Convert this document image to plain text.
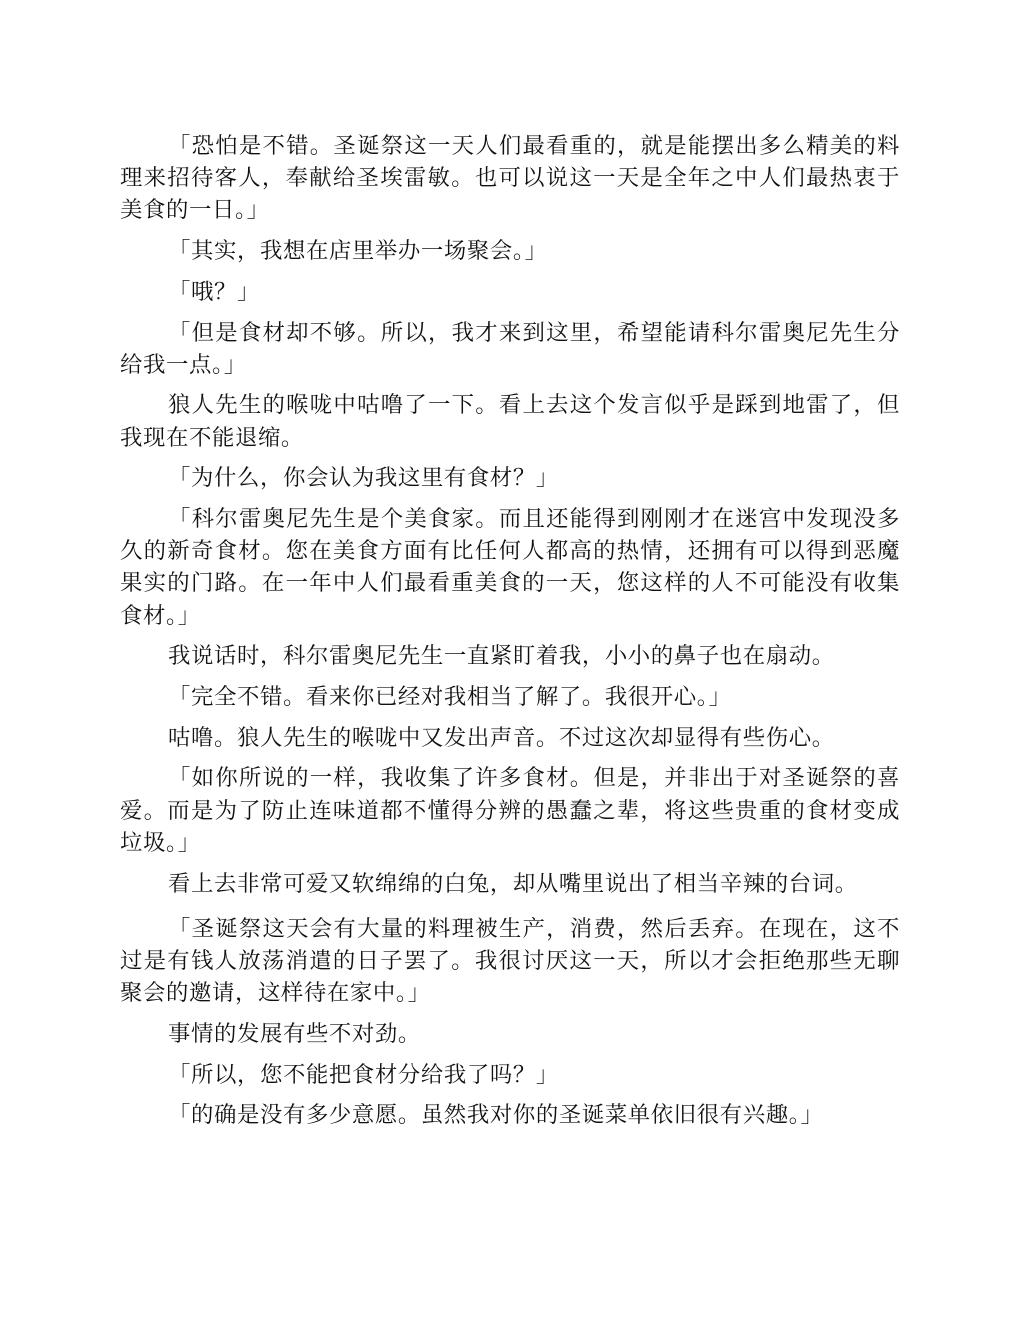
「恐怕是不错。圣诞祭这一天人们最看重的，就是能摆出多么精美的料理来招待客人，奉献给圣埃雷敏。也可以说这一天是全年之中人们最热衷于美食的一日。」

「其实，我想在店里举办一场聚会。」

「哦？」

「但是食材却不够。所以，我才来到这里，希望能请科尔雷奥尼先生分给我一点。」

狼人先生的喉咙中咕噜了一下。看上去这个发言似乎是踩到地雷了，但我现在不能退缩。

「为什么，你会认为我这里有食材？」

「科尔雷奥尼先生是个美食家。而且还能得到刚刚才在迷宫中发现没多久的新奇食材。您在美食方面有比任何人都高的热情，还拥有可以得到恶魔果实的门路。在一年中人们最看重美食的一天，您这样的人不可能没有收集食材。」

我说话时，科尔雷奥尼先生一直紧盯着我，小小的鼻子也在扇动。

「完全不错。看来你已经对我相当了解了。我很开心。」

咕噜。狼人先生的喉咙中又发出声音。不过这次却显得有些伤心。

「如你所说的一样，我收集了许多食材。但是，并非出于对圣诞祭的喜爱。而是为了防止连味道都不懂得分辨的愚蠢之辈，将这些贵重的食材变成垃圾。」

看上去非常可爱又软绵绵的白兔，却从嘴里说出了相当辛辣的台词。

「圣诞祭这天会有大量的料理被生产，消费，然后丢弃。在现在，这不过是有钱人放荡消遣的日子罢了。我很讨厌这一天，所以才会拒绝那些无聊聚会的邀请，这样待在家中。」

事情的发展有些不对劲。

「所以，您不能把食材分给我了吗？」

「的确是没有多少意愿。虽然我对你的圣诞菜单依旧很有兴趣。」
